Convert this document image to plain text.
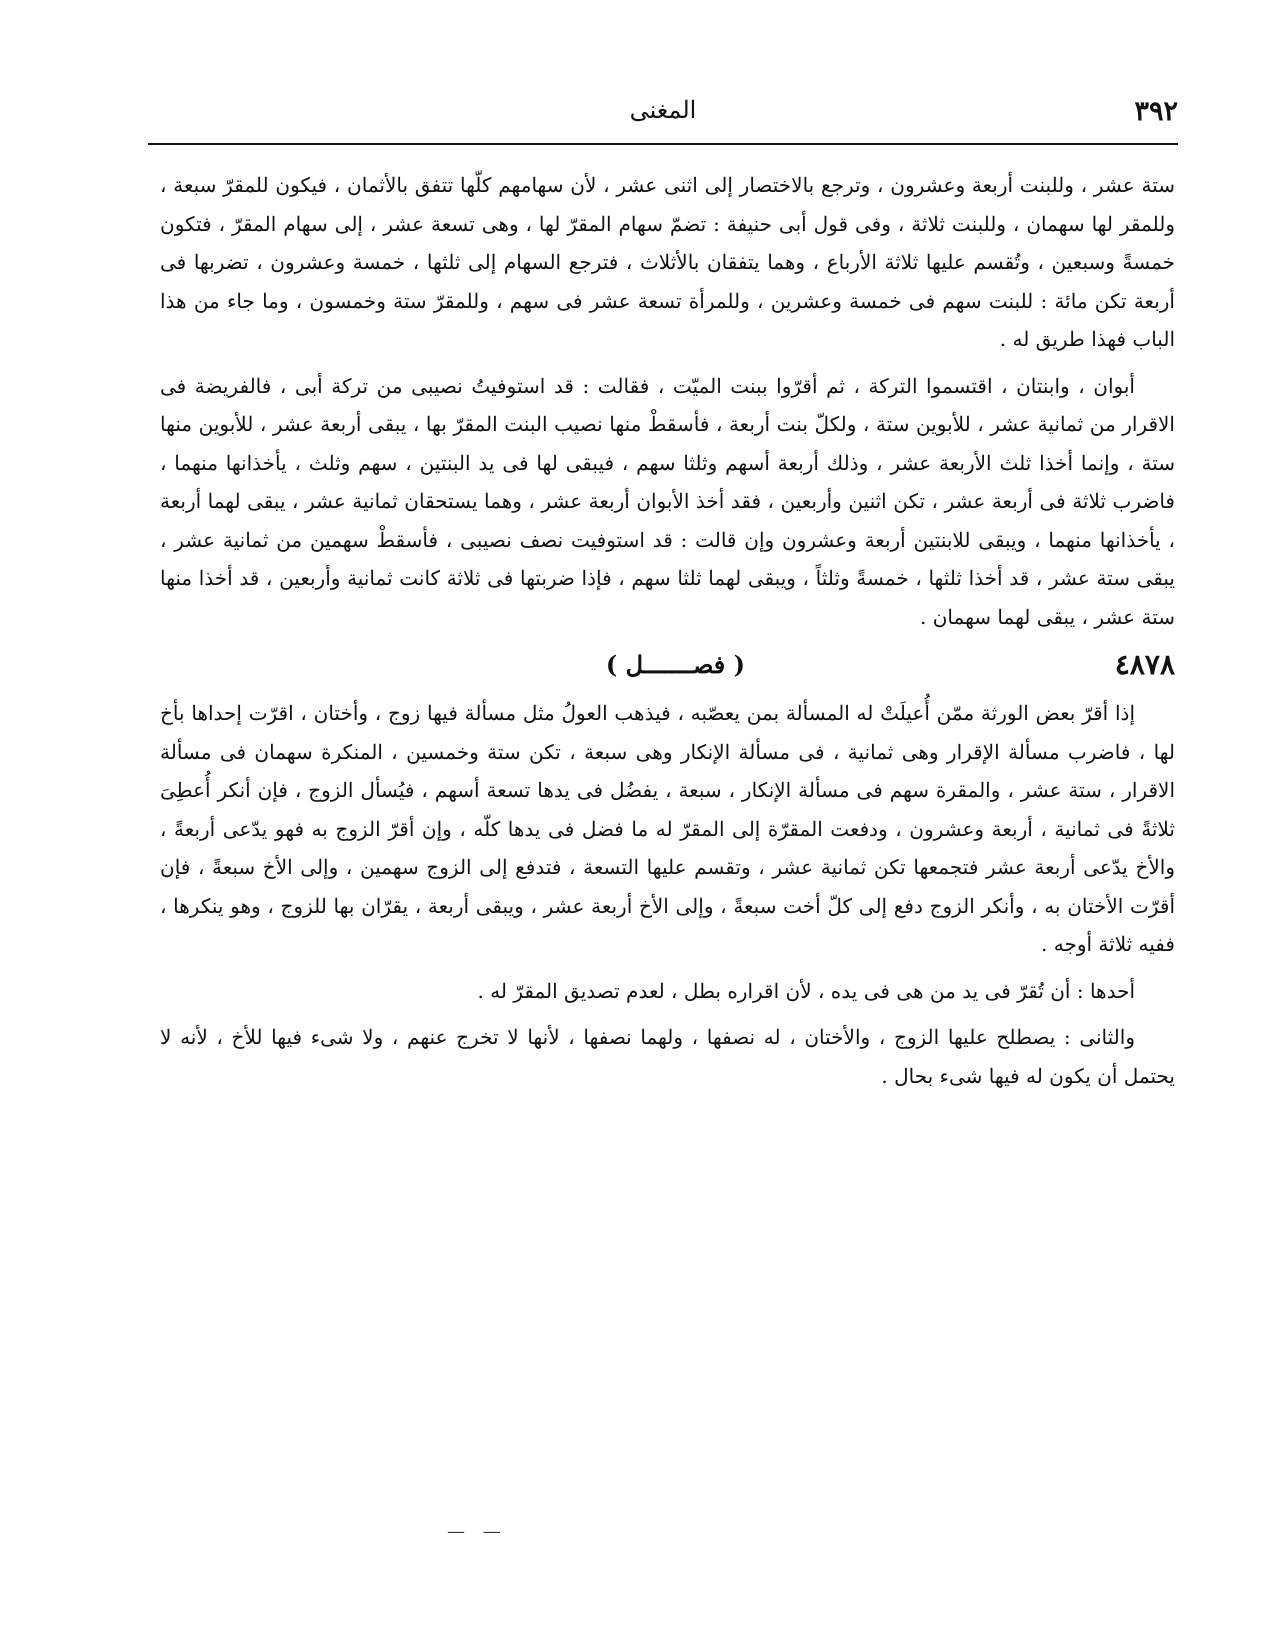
٣٩٢
المغنى

ستة عشر ، وللبنت أربعة وعشرون ، وترجع بالاختصار إلى اثنى عشر ، لأن سهامهم كلّها تتفق بالأثمان ، فيكون للمقرّ سبعة ، وللمقر لها سهمان ، وللبنت ثلاثة ، وفى قول أبى حنيفة : تضمّ سهام المقرّ لها ، وهى تسعة عشر ، إلى سهام المقرّ ، فتكون خمسةً وسبعين ، وتُقسم عليها ثلاثة الأرباع ، وهما يتفقان بالأثلاث ، فترجع السهام إلى ثلثها ، خمسة وعشرون ، تضربها فى أربعة تكن مائة : للبنت سهم فى خمسة وعشرين ، وللمرأة تسعة عشر فى سهم ، وللمقرّ ستة وخمسون ، وما جاء من هذا الباب فهذا طريق له .

أبوان ، وابنتان ، اقتسموا التركة ، ثم أقرّوا ببنت الميّت ، فقالت : قد استوفيتُ نصيبى من تركة أبى ، فالفريضة فى الاقرار من ثمانية عشر ، للأبوين ستة ، ولكلّ بنت أربعة ، فأسقطْ منها نصيب البنت المقرّ بها ، يبقى أربعة عشر ، للأبوين منها ستة ، وإنما أخذا ثلث الأربعة عشر ، وذلك أربعة أسهم وثلثا سهم ، فيبقى لها فى يد البنتين ، سهم وثلث ، يأخذانها منهما ، فاضرب ثلاثة فى أربعة عشر ، تكن اثنين وأربعين ، فقد أخذ الأبوان أربعة عشر ، وهما يستحقان ثمانية عشر ، يبقى لهما أربعة ، يأخذانها منهما ، ويبقى للابنتين أربعة وعشرون وإن قالت : قد استوفيت نصف نصيبى ، فأسقطْ سهمين من ثمانية عشر ، يبقى ستة عشر ، قد أخذا ثلثها ، خمسةً وثلثاً ، ويبقى لهما ثلثا سهم ، فإذا ضربتها فى ثلاثة كانت ثمانية وأربعين ، قد أخذا منها ستة عشر ، يبقى لهما سهمان .

٤٨٧٨
( فصـــــــل )

إذا أقرّ بعض الورثة ممّن أُعيلَتْ له المسألة بمن يعصّبه ، فيذهب العولُ مثل مسألة فيها زوج ، وأختان ، اقرّت إحداها بأخ لها ، فاضرب مسألة الإقرار وهى ثمانية ، فى مسألة الإنكار وهى سبعة ، تكن ستة وخمسين ، المنكرة سهمان فى مسألة الاقرار ، ستة عشر ، والمقرة سهم فى مسألة الإنكار ، سبعة ، يفضُل فى يدها تسعة أسهم ، فيُسأل الزوج ، فإن أنكر أُعطِىَ ثلاثةً فى ثمانية ، أربعة وعشرون ، ودفعت المقرّة إلى المقرّ له ما فضل فى يدها كلّه ، وإن أقرّ الزوج به فهو يدّعى أربعةً ، والأخ يدّعى أربعة عشر فتجمعها تكن ثمانية عشر ، وتقسم عليها التسعة ، فتدفع إلى الزوج سهمين ، وإلى الأخ سبعةً ، فإن أقرّت الأختان به ، وأنكر الزوج دفع إلى كلّ أخت سبعةً ، وإلى الأخ أربعة عشر ، ويبقى أربعة ، يقرّان بها للزوج ، وهو ينكرها ، ففيه ثلاثة أوجه .

أحدها : أن تُقرّ فى يد من هى فى يده ، لأن اقراره بطل ، لعدم تصديق المقرّ له .

والثانى : يصطلح عليها الزوج ، والأختان ، له نصفها ، ولهما نصفها ، لأنها لا تخرج عنهم ، ولا شىء فيها للأخ ، لأنه لا يحتمل أن يكون له فيها شىء بحال .

— —
